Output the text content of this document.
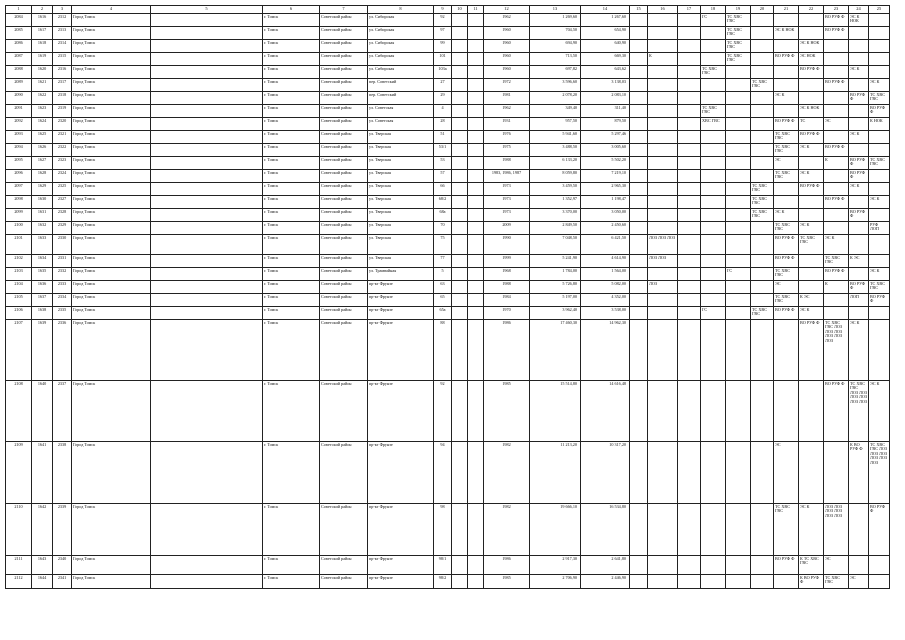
1	2	3	4	5	6	7	8	9	10	11	12	13	14	15	16	17	18	19	20	21	22	23	24	25
2084	1616	2312	Город Томск		г. Томск	Советский район	ул. Сибирская	92			1962	1 269,60	1 267,60				ГС	ТС ХВС ГВС				ВО РУФ Ф	ЭС К НОК	
2085	1617	2313	Город Томск		г. Томск	Советский район	ул. Сибирская	97			1960	704,50	654,90					ТС ХВС ГВС		ЭС К НОК		ВО РУФ Ф		
2086	1618	2314	Город Томск		г. Томск	Советский район	ул. Сибирская	99			1960	694,90	640,90					ТС ХВС ГВС			ЭС К НОК			
2087	1619	2315	Город Томск		г. Томск	Советский район	ул. Сибирская	101			1960	713,50	669,30		К			ТС ХВС ГВС		ВО РУФ Ф	ЭС НОК			
2088	1620	2316	Город Томск		г. Томск	Советский район	ул. Сибирская	103а			1960	697,82	643,62				ТС ХВС ГВС				ВО РУФ Ф		ЭС К	
2089	1621	2317	Город Томск		г. Томск	Советский район	пер. Советский	27			1972	3 596,60	3 138,03						ТС ХВС ГВС			ВО РУФ Ф		ЭС К
2090	1622	2318	Город Томск		г. Томск	Советский район	пер. Советский	29			1981	2 078,20	2 083,10							ЭС К			ВО РУФ Ф	ТС ХВС ГВС
2091	1623	2319	Город Томск		г. Томск	Советский район	ул. Советская	4			1962	349,40	311,40				ТС ХВС ГВС				ЭС К НОК			ВО РУФ Ф
2092	1624	2320	Город Томск		г. Томск	Советский район	ул. Советская	28			1931	957,50	879,50				ХВС ГВС			ВО РУФ Ф	ТС	ЭС		К НОК
2093	1625	2321	Город Томск		г. Томск	Советский район	ул. Тверская	51			1976	5 941,60	5 297,46							ТС ХВС ГВС	ВО РУФ Ф		ЭС К	
2094	1626	2322	Город Томск		г. Томск	Советский район	ул. Тверская	53/1			1975	3 488,50	3 005,60							ТС ХВС ГВС	ЭС К	ВО РУФ Ф		
2095	1627	2323	Город Томск		г. Томск	Советский район	ул. Тверская	53			1988	6 133,20	5 502,20							ЭС		К	ВО РУФ Ф	ТС ХВС ГВС
2096	1628	2324	Город Томск		г. Томск	Советский район	ул. Тверская	57			1983, 1986, 1987	8 059,80	7 219,10							ТС ХВС ГВС	ЭС К		ВО РУФ Ф	
2097	1629	2325	Город Томск		г. Томск	Советский район	ул. Тверская	66			1973	3 459,50	2 965,30						ТС ХВС ГВС		ВО РУФ Ф		ЭС К	
2098	1630	2327	Город Томск		г. Томск	Советский район	ул. Тверская	68/2			1973	1 352,97	1 198,47						ТС ХВС ГВС			ВО РУФ Ф		ЭС К
2099	1631	2328	Город Томск		г. Томск	Советский район	ул. Тверская	68а			1973	3 370,00	3 050,00						ТС ХВС ГВС	ЭС К			ВО РУФ Ф	
2100	1632	2329	Город Томск		г. Томск	Советский район	ул. Тверская	70			2009	2 849,50	2 450,60							ТС ХВС ГВС	ЭС К			РУФ ЛОП
2101	1633	2330	Город Томск		г. Томск	Советский район	ул. Тверская	75			1990	7 048,50	6 421,50		ЛОЗ ЛОЗ ЛОЗ					ВО РУФ Ф	ТС ХВС ГВС	ЭС К		
2102	1634	2331	Город Томск		г. Томск	Советский район	ул. Тверская	77			1999	5 241,90	4 614,90		ЛОЗ ЛОЗ					ВО РУФ Ф		ТС ХВС ГВС	К ЭС	
2103	1635	2332	Город Томск		г. Томск	Советский район	ул. Трамвайная	5			1968	1 784,00	1 564,00					ГС		ТС ХВС ГВС		ВО РУФ Ф		ЭС К
2104	1636	2333	Город Томск		г. Томск	Советский район	пр-кт Фрунзе	63			1988	5 726,80	5 082,00		ЛОЗ					ЭС		К	ВО РУФ Ф	ТС ХВС ГВС
2105	1637	2334	Город Томск		г. Томск	Советский район	пр-кт Фрунзе	65			1984	5 197,00	4 352,00							ТС ХВС ГВС	К ЭС		ЛОП	ВО РУФ Ф
2106	1638	2335	Город Томск		г. Томск	Советский район	пр-кт Фрунзе	65а			1970	3 962,40	3 538,00				ГС		ТС ХВС ГВС	ВО РУФ Ф	ЭС К			
2107	1639	2336	Город Томск		г. Томск	Советский район	пр-кт Фрунзе	88			1986	17 460,30	14 962,30								ВО РУФ Ф	ТС ХВС ГВС ЛОЗ ЛОЗ ЛОЗ ЛОЗ ЛОЗ ЛОЗ	ЭС К	
2108	1640	2337	Город Томск		г. Томск	Советский район	пр-кт Фрунзе	92			1985	15 514,80	14 616,48									ВО РУФ Ф	ТС ХВС ГВС ЛОЗ ЛОЗ ЛОЗ ЛОЗ ЛОЗ ЛОЗ	ЭС К
2109	1641	2338	Город Томск		г. Томск	Советский район	пр-кт Фрунзе	94			1982	11 213,20	10 317,20							ЭС			К ВО РУФ Ф	ТС ХВС ГВС ЛОЗ ЛОЗ ЛОЗ ЛОЗ ЛОЗ ЛОЗ
2110	1642	2339	Город Томск		г. Томск	Советский район	пр-кт Фрунзе	98			1982	19 666,10	16 534,80							ТС ХВС ГВС	ЭС К	ЛОЗ ЛОЗ ЛОЗ ЛОЗ ЛОЗ ЛОЗ		ВО РУФ Ф
2111	1643	2340	Город Томск		г. Томск	Советский район	пр-кт Фрунзе	98/1			1986	2 917,30	2 641,80							ВО РУФ Ф	К ТС ХВС ГВС	ЭС		
2112	1644	2341	Город Томск		г. Томск	Советский район	пр-кт Фрунзе	98/2			1985	2 706,90	2 446,90								К ВО РУФ Ф	ТС ХВС ГВС	ЭС	
